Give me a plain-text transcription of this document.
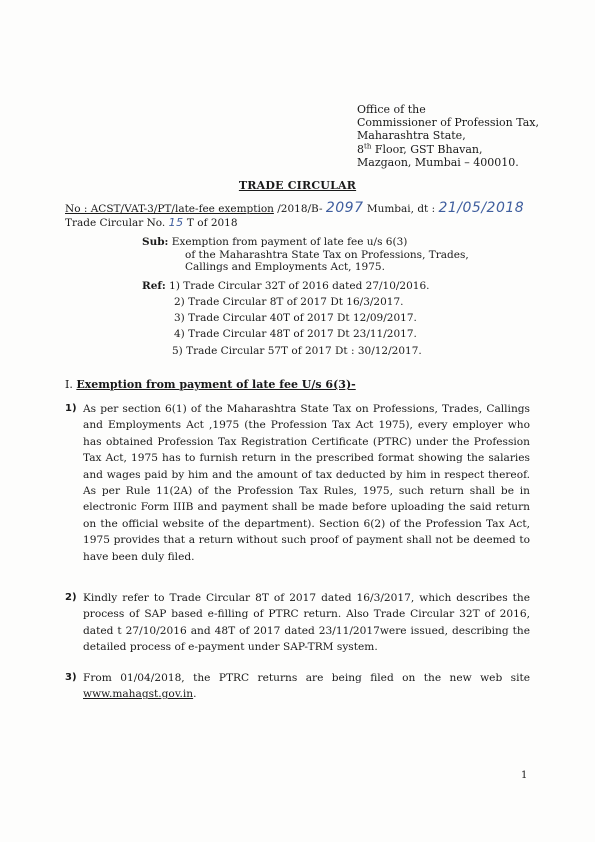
Office of the
Commissioner of Profession Tax,
Maharashtra State,
8th Floor, GST Bhavan,
Mazgaon, Mumbai – 400010.
TRADE CIRCULAR
No : ACST/VAT-3/PT/late-fee exemption /2018/B- 2097 Mumbai, dt : 21/05/2018
Trade Circular No. 15 T of 2018
Sub: Exemption from payment of late fee u/s 6(3)
of the Maharashtra State Tax on Professions, Trades,
Callings and Employments Act, 1975.
Ref: 1) Trade Circular 32T of 2016 dated 27/10/2016.
2) Trade Circular 8T of 2017 Dt 16/3/2017.
3) Trade Circular 40T of 2017 Dt 12/09/2017.
4) Trade Circular 48T of 2017 Dt 23/11/2017.
5) Trade Circular 57T of 2017 Dt : 30/12/2017.
I. Exemption from payment of late fee U/s 6(3)-
1) As per section 6(1) of the Maharashtra State Tax on Professions, Trades, Callings and Employments Act ,1975 (the Profession Tax Act 1975), every employer who has obtained Profession Tax Registration Certificate (PTRC) under the Profession Tax Act, 1975 has to furnish return in the prescribed format showing the salaries and wages paid by him and the amount of tax deducted by him in respect thereof. As per Rule 11(2A) of the Profession Tax Rules, 1975, such return shall be in electronic Form IIIB and payment shall be made before uploading the said return on the official website of the department). Section 6(2) of the Profession Tax Act, 1975 provides that a return without such proof of payment shall not be deemed to have been duly filed.
2) Kindly refer to Trade Circular 8T of 2017 dated 16/3/2017, which describes the process of SAP based e-filling of PTRC return. Also Trade Circular 32T of 2016, dated t 27/10/2016 and 48T of 2017 dated 23/11/2017were issued, describing the detailed process of e-payment under SAP-TRM system.
3) From 01/04/2018, the PTRC returns are being filed on the new web site www.mahagst.gov.in.
1
